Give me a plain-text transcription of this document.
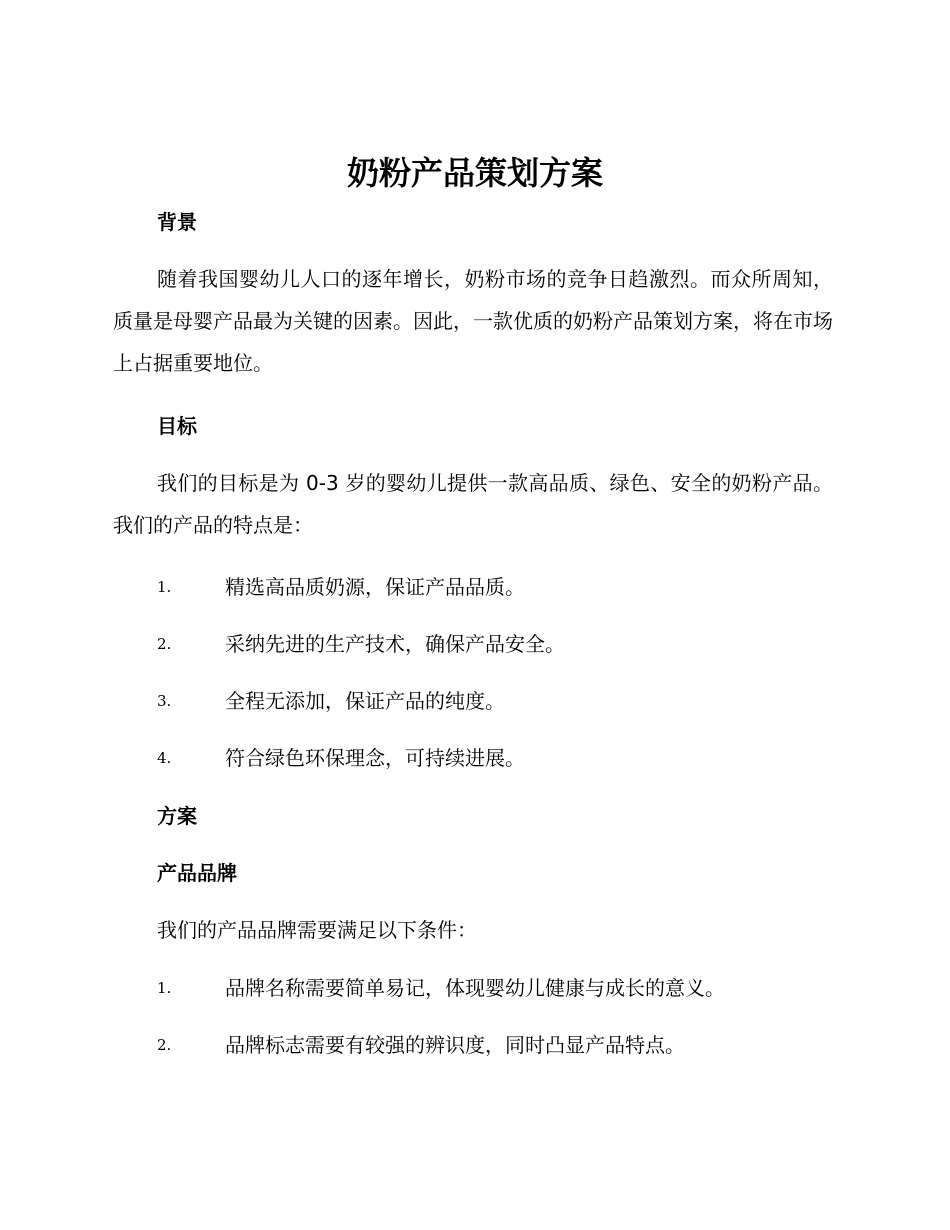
奶粉产品策划方案
背景
随着我国婴幼儿人口的逐年增长，奶粉市场的竞争日趋激烈。而众所周知，质量是母婴产品最为关键的因素。因此，一款优质的奶粉产品策划方案，将在市场上占据重要地位。
目标
我们的目标是为 0-3 岁的婴幼儿提供一款高品质、绿色、安全的奶粉产品。我们的产品的特点是：
1.	精选高品质奶源，保证产品品质。
2.	采纳先进的生产技术，确保产品安全。
3.	全程无添加，保证产品的纯度。
4.	符合绿色环保理念，可持续进展。
方案
产品品牌
我们的产品品牌需要满足以下条件：
1.	品牌名称需要简单易记，体现婴幼儿健康与成长的意义。
2.	品牌标志需要有较强的辨识度，同时凸显产品特点。
